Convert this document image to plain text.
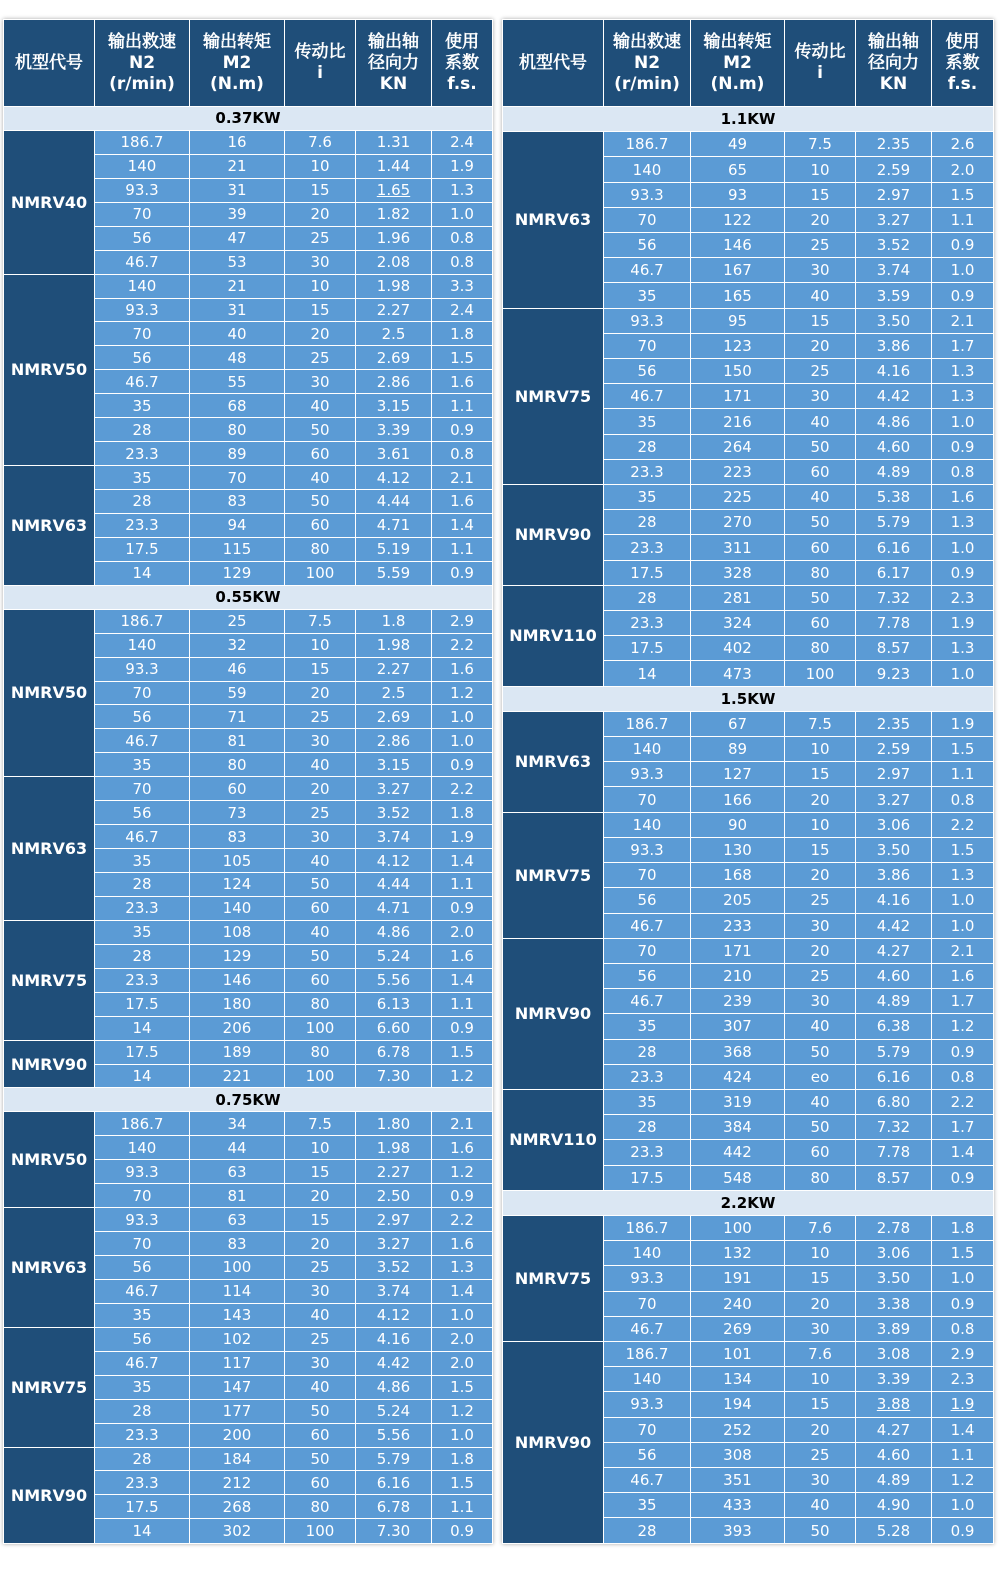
机型代号	输出救速
N2
(r/min)	输出转矩
M2
(N.m)	传动比
i	输出轴
径向力
KN	使用
系数
f.s.
0.37KW					
NMRV40	186.7	16	7.6	1.31	2.4
	140	21	10	1.44	1.9
	93.3	31	15	1.65	1.3
	70	39	20	1.82	1.0
	56	47	25	1.96	0.8
	46.7	53	30	2.08	0.8
NMRV50	140	21	10	1.98	3.3
	93.3	31	15	2.27	2.4
	70	40	20	2.5	1.8
	56	48	25	2.69	1.5
	46.7	55	30	2.86	1.6
	35	68	40	3.15	1.1
	28	80	50	3.39	0.9
	23.3	89	60	3.61	0.8
NMRV63	35	70	40	4.12	2.1
	28	83	50	4.44	1.6
	23.3	94	60	4.71	1.4
	17.5	115	80	5.19	1.1
	14	129	100	5.59	0.9
0.55KW					
NMRV50	186.7	25	7.5	1.8	2.9
	140	32	10	1.98	2.2
	93.3	46	15	2.27	1.6
	70	59	20	2.5	1.2
	56	71	25	2.69	1.0
	46.7	81	30	2.86	1.0
	35	80	40	3.15	0.9
NMRV63	70	60	20	3.27	2.2
	56	73	25	3.52	1.8
	46.7	83	30	3.74	1.9
	35	105	40	4.12	1.4
	28	124	50	4.44	1.1
	23.3	140	60	4.71	0.9
NMRV75	35	108	40	4.86	2.0
	28	129	50	5.24	1.6
	23.3	146	60	5.56	1.4
	17.5	180	80	6.13	1.1
	14	206	100	6.60	0.9
NMRV90	17.5	189	80	6.78	1.5
	14	221	100	7.30	1.2
0.75KW					
NMRV50	186.7	34	7.5	1.80	2.1
	140	44	10	1.98	1.6
	93.3	63	15	2.27	1.2
	70	81	20	2.50	0.9
NMRV63	93.3	63	15	2.97	2.2
	70	83	20	3.27	1.6
	56	100	25	3.52	1.3
	46.7	114	30	3.74	1.4
	35	143	40	4.12	1.0
NMRV75	56	102	25	4.16	2.0
	46.7	117	30	4.42	2.0
	35	147	40	4.86	1.5
	28	177	50	5.24	1.2
	23.3	200	60	5.56	1.0
NMRV90	28	184	50	5.79	1.8
	23.3	212	60	6.16	1.5
	17.5	268	80	6.78	1.1
	14	302	100	7.30	0.9
机型代号	输出救速
N2
(r/min)	输出转矩
M2
(N.m)	传动比
i	输出轴
径向力
KN	使用
系数
f.s.
1.1KW					
NMRV63	186.7	49	7.5	2.35	2.6
	140	65	10	2.59	2.0
	93.3	93	15	2.97	1.5
	70	122	20	3.27	1.1
	56	146	25	3.52	0.9
	46.7	167	30	3.74	1.0
	35	165	40	3.59	0.9
NMRV75	93.3	95	15	3.50	2.1
	70	123	20	3.86	1.7
	56	150	25	4.16	1.3
	46.7	171	30	4.42	1.3
	35	216	40	4.86	1.0
	28	264	50	4.60	0.9
	23.3	223	60	4.89	0.8
NMRV90	35	225	40	5.38	1.6
	28	270	50	5.79	1.3
	23.3	311	60	6.16	1.0
	17.5	328	80	6.17	0.9
NMRV110	28	281	50	7.32	2.3
	23.3	324	60	7.78	1.9
	17.5	402	80	8.57	1.3
	14	473	100	9.23	1.0
1.5KW					
NMRV63	186.7	67	7.5	2.35	1.9
	140	89	10	2.59	1.5
	93.3	127	15	2.97	1.1
	70	166	20	3.27	0.8
NMRV75	140	90	10	3.06	2.2
	93.3	130	15	3.50	1.5
	70	168	20	3.86	1.3
	56	205	25	4.16	1.0
	46.7	233	30	4.42	1.0
NMRV90	70	171	20	4.27	2.1
	56	210	25	4.60	1.6
	46.7	239	30	4.89	1.7
	35	307	40	6.38	1.2
	28	368	50	5.79	0.9
	23.3	424	eo	6.16	0.8
NMRV110	35	319	40	6.80	2.2
	28	384	50	7.32	1.7
	23.3	442	60	7.78	1.4
	17.5	548	80	8.57	0.9
2.2KW					
NMRV75	186.7	100	7.6	2.78	1.8
	140	132	10	3.06	1.5
	93.3	191	15	3.50	1.0
	70	240	20	3.38	0.9
	46.7	269	30	3.89	0.8
NMRV90	186.7	101	7.6	3.08	2.9
	140	134	10	3.39	2.3
	93.3	194	15	3.88	1.9
	70	252	20	4.27	1.4
	56	308	25	4.60	1.1
	46.7	351	30	4.89	1.2
	35	433	40	4.90	1.0
	28	393	50	5.28	0.9
